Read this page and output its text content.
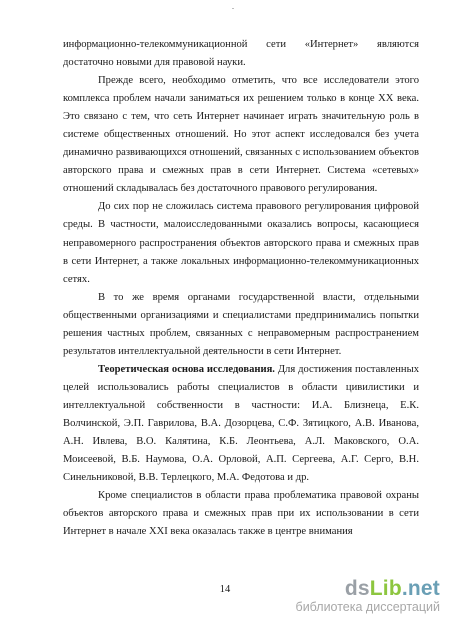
информационно-телекоммуникационной сети «Интернет» являются достаточно новыми для правовой науки.

Прежде всего, необходимо отметить, что все исследователи этого комплекса проблем начали заниматься их решением только в конце XX века. Это связано с тем, что сеть Интернет начинает играть значительную роль в системе общественных отношений. Но этот аспект исследовался без учета динамично развивающихся отношений, связанных с использованием объектов авторского права и смежных прав в сети Интернет. Система «сетевых» отношений складывалась без достаточного правового регулирования.

До сих пор не сложилась система правового регулирования цифровой среды. В частности, малоисследованными оказались вопросы, касающиеся неправомерного распространения объектов авторского права и смежных прав в сети Интернет, а также локальных информационно-телекоммуникационных сетях.

В то же время органами государственной власти, отдельными общественными организациями и специалистами предпринимались попытки решения частных проблем, связанных с неправомерным распространением результатов интеллектуальной деятельности в сети Интернет.

Теоретическая основа исследования. Для достижения поставленных целей использовались работы специалистов в области цивилистики и интеллектуальной собственности в частности: И.А. Близнеца, Е.К. Волчинской, Э.П. Гаврилова, В.А. Дозорцева, С.Ф. Зятицкого, А.В. Иванова, А.Н. Ивлева, В.О. Калятина, К.Б. Леонтьева, А.Л. Маковского, О.А. Моисеевой, В.Б. Наумова, О.А. Орловой, А.П. Сергеева, А.Г. Серго, В.Н. Синельниковой, В.В. Терлецкого, М.А. Федотова и др.

Кроме специалистов в области права проблематика правовой охраны объектов авторского права и смежных прав при их использовании в сети Интернет в начале XXI века оказалась также в центре внимания

14	dsLib.net
библиотека диссертаций
